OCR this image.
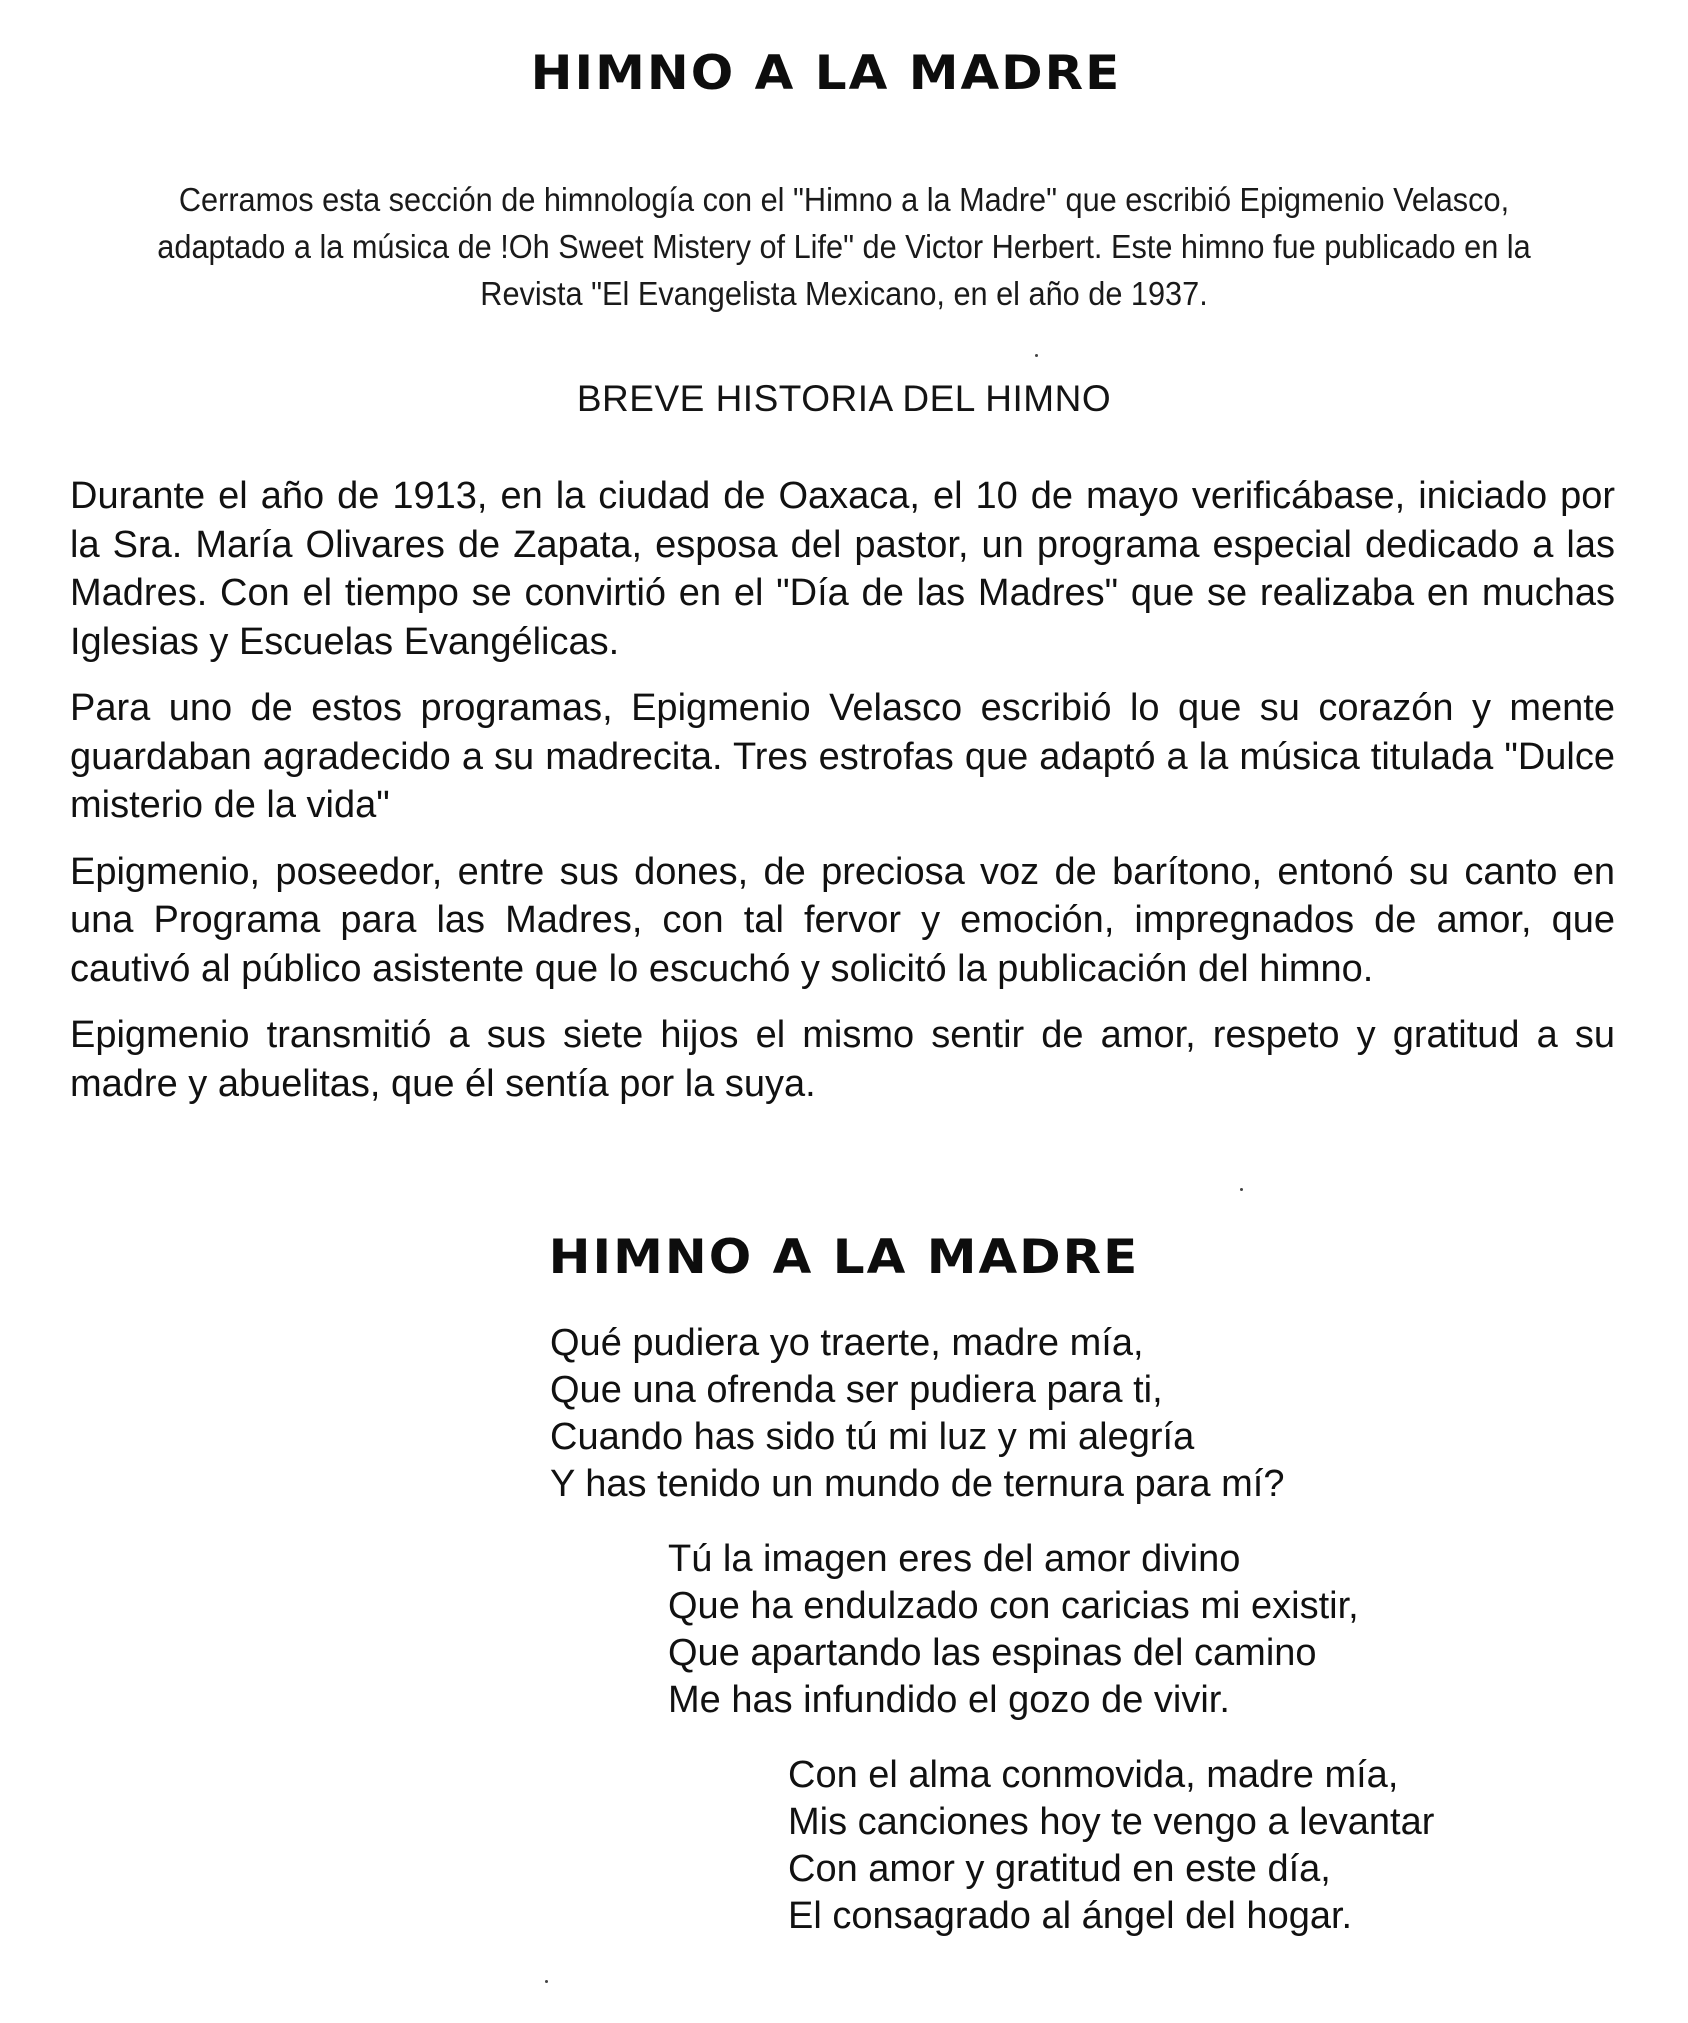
HIMNO A LA MADRE
Cerramos esta sección de himnología con el "Himno a la Madre" que escribió Epigmenio Velasco, adaptado a la música de !Oh Sweet Mistery of Life" de Victor Herbert. Este himno fue publicado en la Revista "El Evangelista Mexicano, en el año de 1937.
BREVE HISTORIA DEL HIMNO

Durante el año de 1913, en la ciudad de Oaxaca, el 10 de mayo verificábase, iniciado por la Sra. María Olivares de Zapata, esposa del pastor, un programa especial dedicado a las Madres. Con el tiempo se convirtió en el "Día de las Madres" que se realizaba en muchas Iglesias y Escuelas Evangélicas.

Para uno de estos programas, Epigmenio Velasco escribió lo que su corazón y mente guardaban agradecido a su madrecita. Tres estrofas que adaptó a la música titulada "Dulce misterio de la vida"

Epigmenio, poseedor, entre sus dones, de preciosa voz de barítono, entonó su canto en una Programa para las Madres, con tal fervor y emoción, impregnados de amor, que cautivó al público asistente que lo escuchó y solicitó la publicación del himno.

Epigmenio transmitió a sus siete hijos el mismo sentir de amor, respeto y gratitud a su madre y abuelitas, que él sentía por la suya.

HIMNO A LA MADRE
Qué pudiera yo traerte, madre mía,
Que una ofrenda ser pudiera para ti,
Cuando has sido tú mi luz y mi alegría
Y has tenido un mundo de ternura para mí?
Tú la imagen eres del amor divino
Que ha endulzado con caricias mi existir,
Que apartando las espinas del camino
Me has infundido el gozo de vivir.
Con el alma conmovida, madre mía,
Mis canciones hoy te vengo a levantar
Con amor y gratitud en este día,
El consagrado al ángel del hogar.
